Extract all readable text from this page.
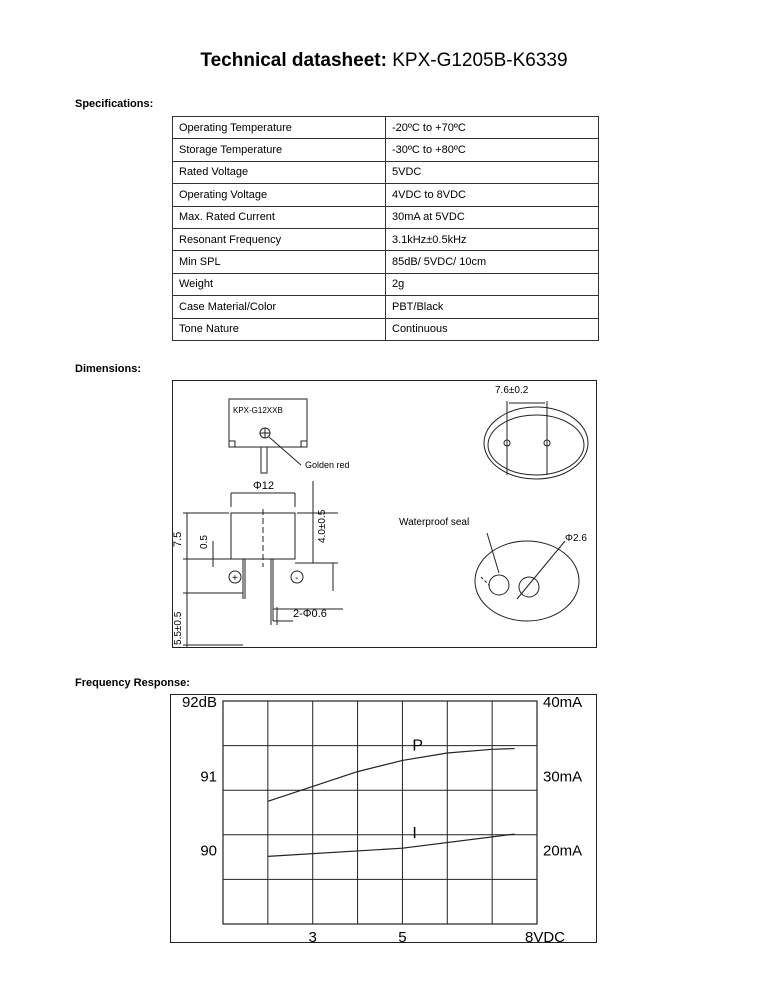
Technical datasheet: KPX-G1205B-K6339
Specifications:
Operating Temperature	-20ºC to +70ºC
Storage Temperature	-30ºC to +80ºC
Rated Voltage	5VDC
Operating Voltage	4VDC to 8VDC
Max. Rated Current	30mA at 5VDC
Resonant Frequency	3.1kHz±0.5kHz
Min SPL	85dB/ 5VDC/ 10cm
Weight	2g
Case Material/Color	PBT/Black
Tone Nature	Continuous
Dimensions:
KPX-G12XXB
Golden red
Φ12
7.5 0.5	4.0±0.5
5.5±0.5	2-Φ0.6
7.6±0.2
Waterproof seal
Φ2.6
+	-
Frequency Response:
92dB
91
90
40mA
30mA
20mA
3	5	8VDC
P
I
